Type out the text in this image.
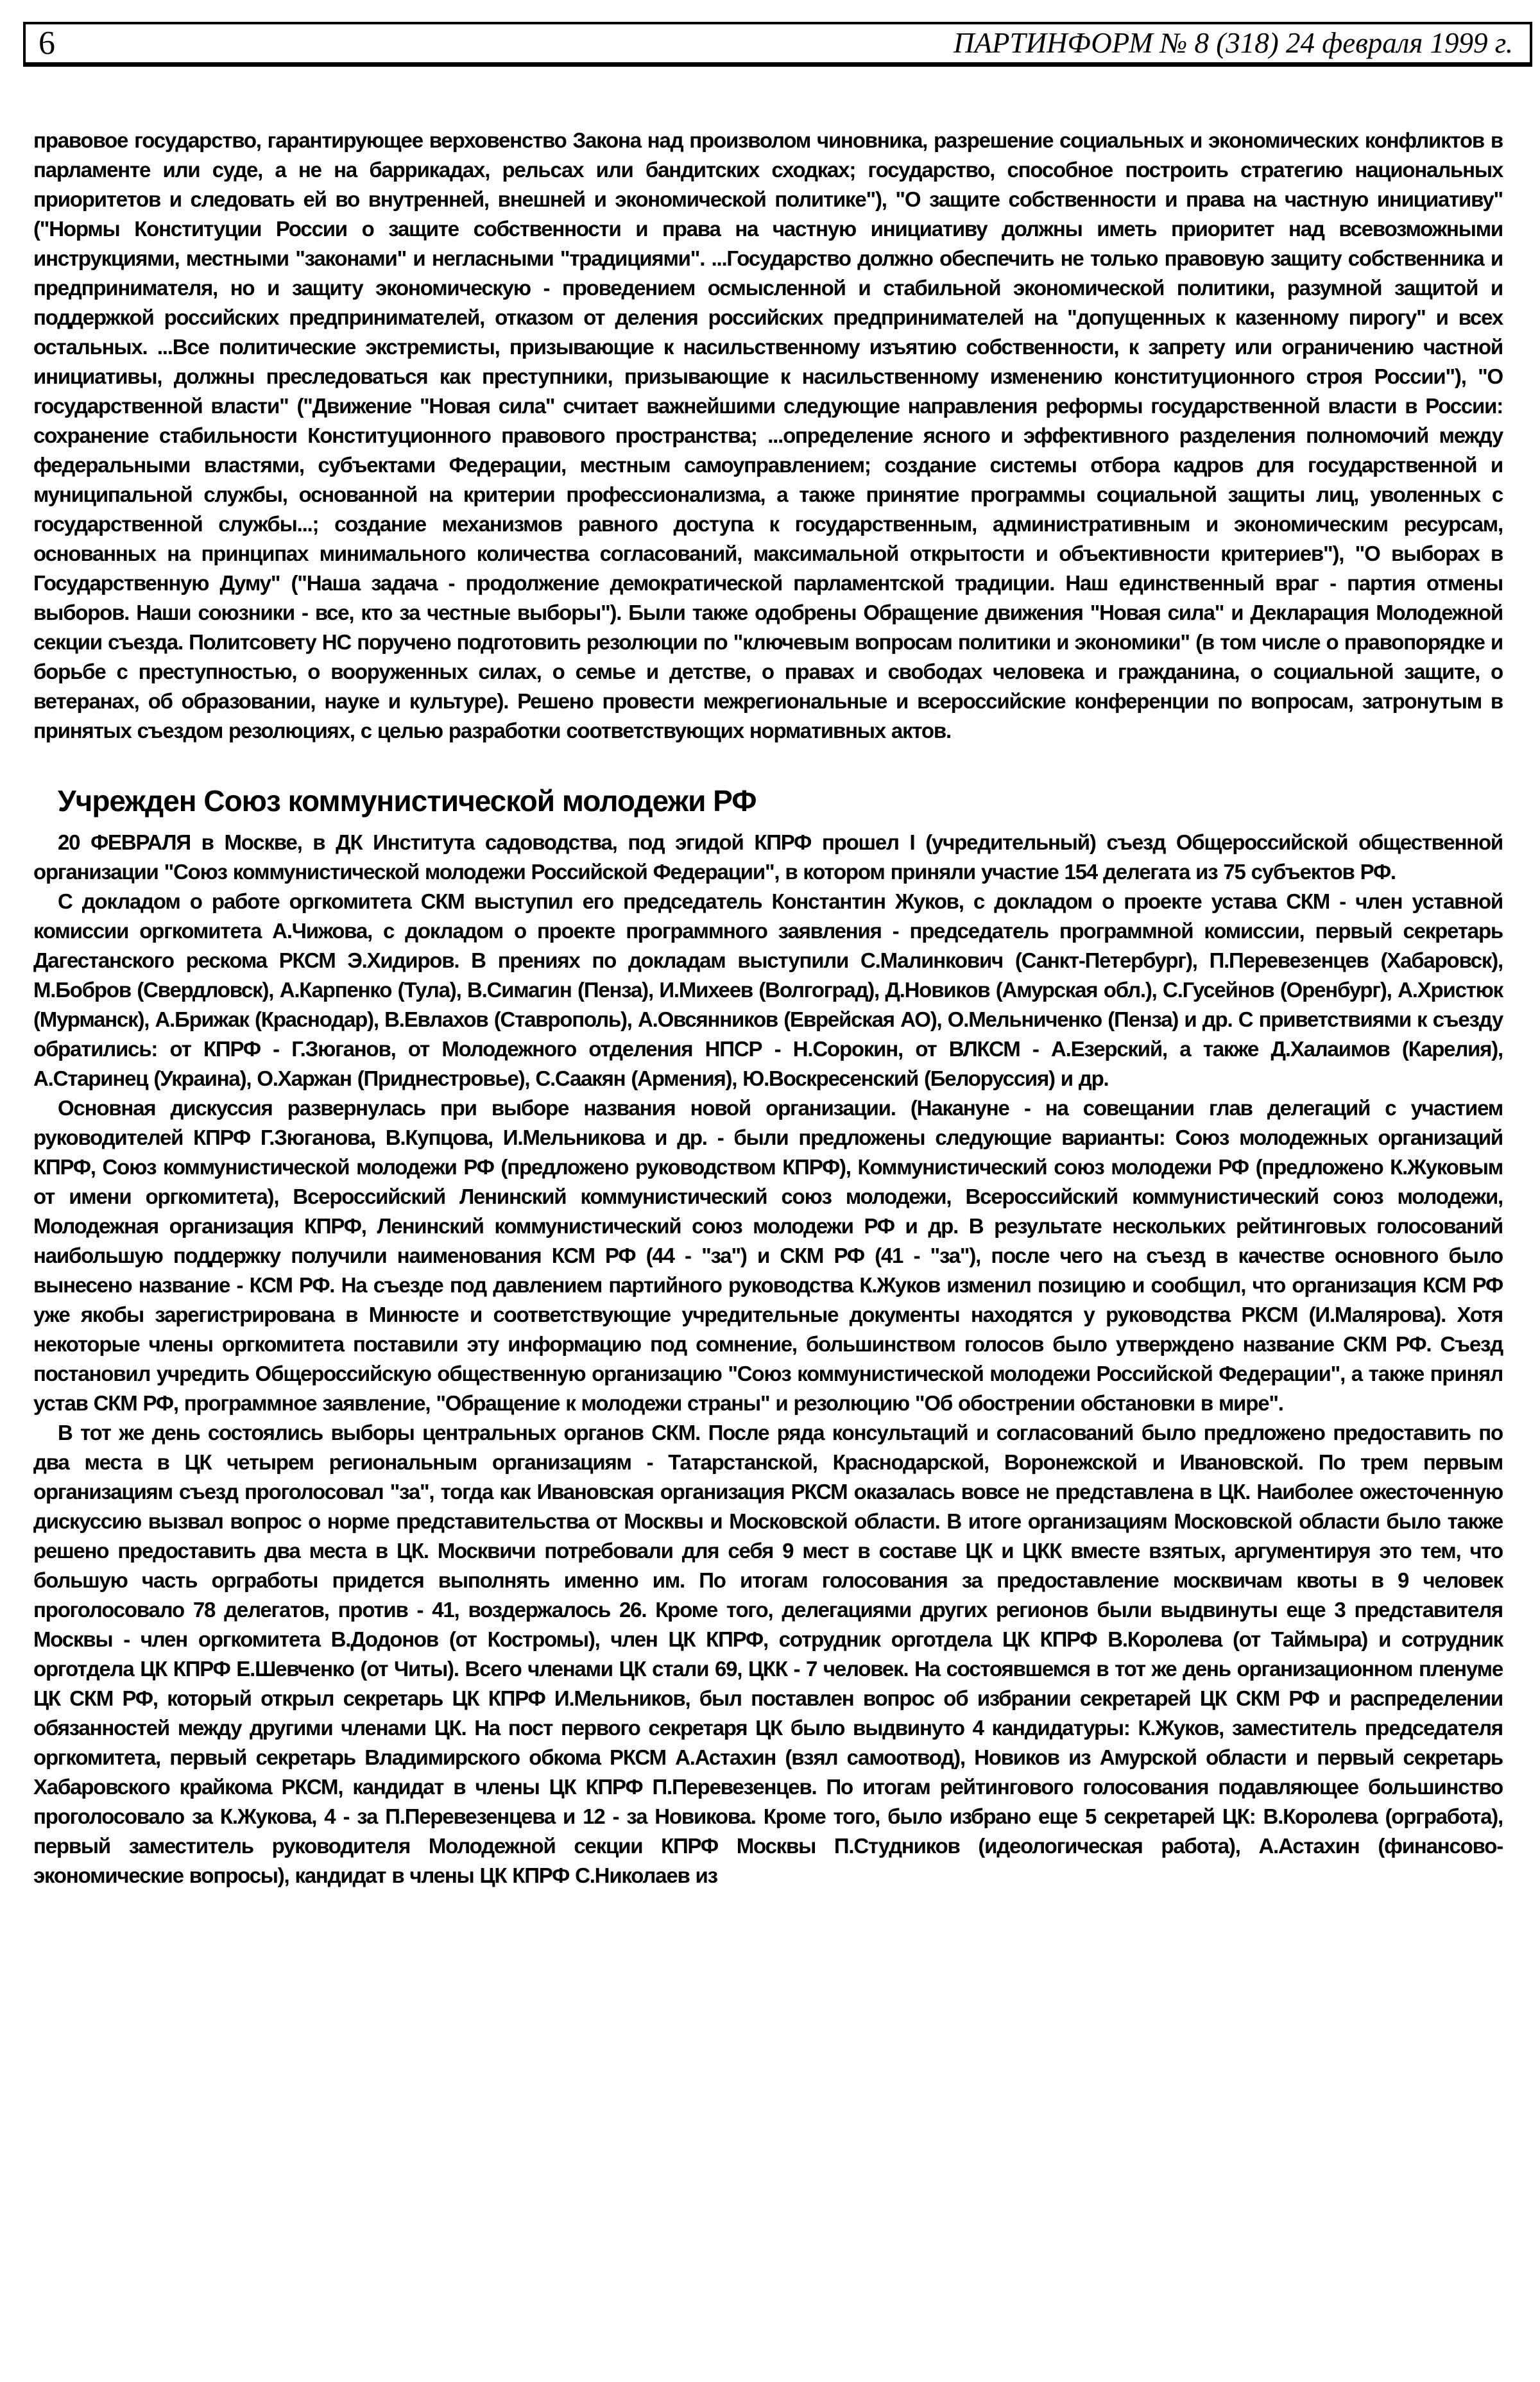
6	ПАРТИНФОРМ № 8 (318) 24 февраля 1999 г.

правовое государство, гарантирующее верховенство Закона над произволом чиновника, разрешение социальных и экономических конфликтов в парламенте или суде, а не на баррикадах, рельсах или бандитских сходках; государство, способное построить стратегию национальных приоритетов и следовать ей во внутренней, внешней и экономической политике"), "О защите собственности и права на частную инициативу" ("Нормы Конституции России о защите собственности и права на частную инициативу должны иметь приоритет над всевозможными инструкциями, местными "законами" и негласными "традициями". ...Государство должно обеспечить не только правовую защиту собственника и предпринимателя, но и защиту экономическую - проведением осмысленной и стабильной экономической политики, разумной защитой и поддержкой российских предпринимателей, отказом от деления российских предпринимателей на "допущенных к казенному пирогу" и всех остальных. ...Все политические экстремисты, призывающие к насильственному изъятию собственности, к запрету или ограничению частной инициативы, должны преследоваться как преступники, призывающие к насильственному изменению конституционного строя России"), "О государственной власти" ("Движение "Новая сила" считает важнейшими следующие направления реформы государственной власти в России: сохранение стабильности Конституционного правового пространства; ...определение ясного и эффективного разделения полномочий между федеральными властями, субъектами Федерации, местным самоуправлением; создание системы отбора кадров для государственной и муниципальной службы, основанной на критерии профессионализма, а также принятие программы социальной защиты лиц, уволенных с государственной службы...; создание механизмов равного доступа к государственным, административным и экономическим ресурсам, основанных на принципах минимального количества согласований, максимальной открытости и объективности критериев"), "О выборах в Государственную Думу" ("Наша задача - продолжение демократической парламентской традиции. Наш единственный враг - партия отмены выборов. Наши союзники - все, кто за честные выборы"). Были также одобрены Обращение движения "Новая сила" и Декларация Молодежной секции съезда. Политсовету НС поручено подготовить резолюции по "ключевым вопросам политики и экономики" (в том числе о правопорядке и борьбе с преступностью, о вооруженных силах, о семье и детстве, о правах и свободах человека и гражданина, о социальной защите, о ветеранах, об образовании, науке и культуре). Решено провести межрегиональные и всероссийские конференции по вопросам, затронутым в принятых съездом резолюциях, с целью разработки соответствующих нормативных актов.

Учрежден Союз коммунистической молодежи РФ

20 ФЕВРАЛЯ в Москве, в ДК Института садоводства, под эгидой КПРФ прошел I (учредительный) съезд Общероссийской общественной организации "Союз коммунистической молодежи Российской Федерации", в котором приняли участие 154 делегата из 75 субъектов РФ.

С докладом о работе оргкомитета СКМ выступил его председатель Константин Жуков, с докладом о проекте устава СКМ - член уставной комиссии оргкомитета А.Чижова, с докладом о проекте программного заявления - председатель программной комиссии, первый секретарь Дагестанского рескома РКСМ Э.Хидиров. В прениях по докладам выступили С.Малинкович (Санкт-Петербург), П.Перевезенцев (Хабаровск), М.Бобров (Свердловск), А.Карпенко (Тула), В.Симагин (Пенза), И.Михеев (Волгоград), Д.Новиков (Амурская обл.), С.Гусейнов (Оренбург), А.Христюк (Мурманск), А.Брижак (Краснодар), В.Евлахов (Ставрополь), А.Овсянников (Еврейская АО), О.Мельниченко (Пенза) и др. С приветствиями к съезду обратились: от КПРФ - Г.Зюганов, от Молодежного отделения НПСР - Н.Сорокин, от ВЛКСМ - А.Езерский, а также Д.Халаимов (Карелия), А.Старинец (Украина), О.Харжан (Приднестровье), С.Саакян (Армения), Ю.Воскресенский (Белоруссия) и др.

Основная дискуссия развернулась при выборе названия новой организации. (Накануне - на совещании глав делегаций с участием руководителей КПРФ Г.Зюганова, В.Купцова, И.Мельникова и др. - были предложены следующие варианты: Союз молодежных организаций КПРФ, Союз коммунистической молодежи РФ (предложено руководством КПРФ), Коммунистический союз молодежи РФ (предложено К.Жуковым от имени оргкомитета), Всероссийский Ленинский коммунистический союз молодежи, Всероссийский коммунистический союз молодежи, Молодежная организация КПРФ, Ленинский коммунистический союз молодежи РФ и др. В результате нескольких рейтинговых голосований наибольшую поддержку получили наименования КСМ РФ (44 - "за") и СКМ РФ (41 - "за"), после чего на съезд в качестве основного было вынесено название - КСМ РФ. На съезде под давлением партийного руководства К.Жуков изменил позицию и сообщил, что организация КСМ РФ уже якобы зарегистрирована в Минюсте и соответствующие учредительные документы находятся у руководства РКСМ (И.Малярова). Хотя некоторые члены оргкомитета поставили эту информацию под сомнение, большинством голосов было утверждено название СКМ РФ. Съезд постановил учредить Общероссийскую общественную организацию "Союз коммунистической молодежи Российской Федерации", а также принял устав СКМ РФ, программное заявление, "Обращение к молодежи страны" и резолюцию "Об обострении обстановки в мире".

В тот же день состоялись выборы центральных органов СКМ. После ряда консультаций и согласований было предложено предоставить по два места в ЦК четырем региональным организациям - Татарстанской, Краснодарской, Воронежской и Ивановской. По трем первым организациям съезд проголосовал "за", тогда как Ивановская организация РКСМ оказалась вовсе не представлена в ЦК. Наиболее ожесточенную дискуссию вызвал вопрос о норме представительства от Москвы и Московской области. В итоге организациям Московской области было также решено предоставить два места в ЦК. Москвичи потребовали для себя 9 мест в составе ЦК и ЦКК вместе взятых, аргументируя это тем, что большую часть оргработы придется выполнять именно им. По итогам голосования за предоставление москвичам квоты в 9 человек проголосовало 78 делегатов, против - 41, воздержалось 26. Кроме того, делегациями других регионов были выдвинуты еще 3 представителя Москвы - член оргкомитета В.Додонов (от Костромы), член ЦК КПРФ, сотрудник орготдела ЦК КПРФ В.Королева (от Таймыра) и сотрудник орготдела ЦК КПРФ Е.Шевченко (от Читы). Всего членами ЦК стали 69, ЦКК - 7 человек. На состоявшемся в тот же день организационном пленуме ЦК СКМ РФ, который открыл секретарь ЦК КПРФ И.Мельников, был поставлен вопрос об избрании секретарей ЦК СКМ РФ и распределении обязанностей между другими членами ЦК. На пост первого секретаря ЦК было выдвинуто 4 кандидатуры: К.Жуков, заместитель председателя оргкомитета, первый секретарь Владимирского обкома РКСМ А.Астахин (взял самоотвод), Новиков из Амурской области и первый секретарь Хабаровского крайкома РКСМ, кандидат в члены ЦК КПРФ П.Перевезенцев. По итогам рейтингового голосования подавляющее большинство проголосовало за К.Жукова, 4 - за П.Перевезенцева и 12 - за Новикова. Кроме того, было избрано еще 5 секретарей ЦК: В.Королева (оргработа), первый заместитель руководителя Молодежной секции КПРФ Москвы П.Студников (идеологическая работа), А.Астахин (финансово-экономические вопросы), кандидат в члены ЦК КПРФ С.Николаев из
